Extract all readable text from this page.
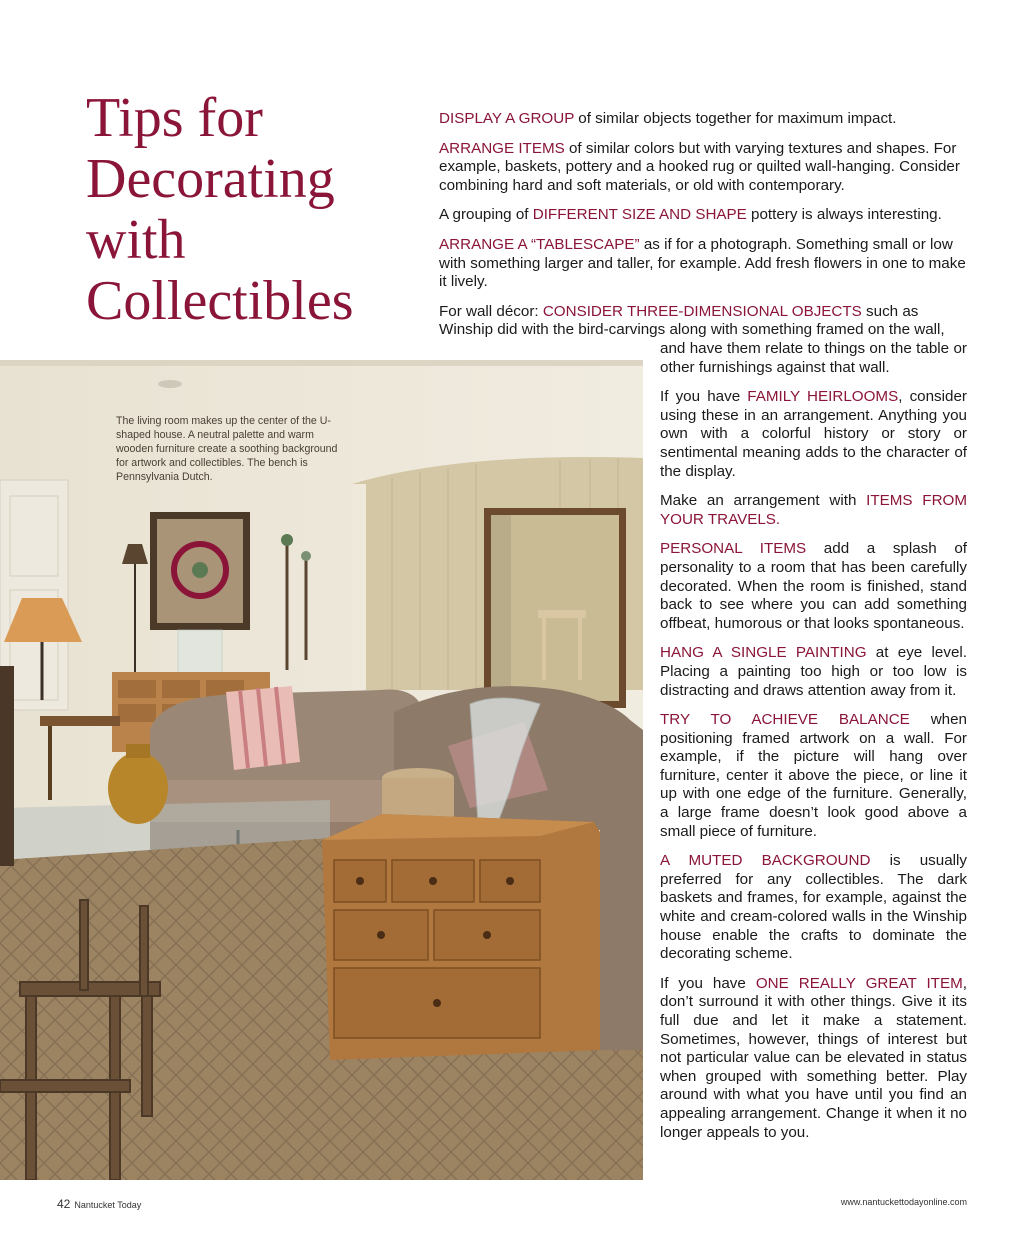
Tips for
Decorating
with
Collectibles

DISPLAY A GROUP of similar objects together for maximum impact.

ARRANGE ITEMS of similar colors but with varying textures and shapes. For example, baskets, pottery and a hooked rug or quilted wall-hanging. Consider combining hard and soft materials, or old with contemporary.

A grouping of DIFFERENT SIZE AND SHAPE pottery is always interesting.

ARRANGE A “TABLESCAPE” as if for a photograph. Something small or low with something larger and taller, for example. Add fresh flowers in one to make it lively.

For wall décor: CONSIDER THREE-DIMENSIONAL OBJECTS such as Winship did with the bird-carvings along with something framed on the wall,

The living room makes up the center of the U-shaped house. A neutral palette and warm wooden furniture create a soothing background for artwork and collectibles. The bench is Pennsylvania Dutch.

and have them relate to things on the table or other furnishings against that wall.

If you have FAMILY HEIRLOOMS, consider using these in an arrangement. Anything you own with a colorful history or story or sentimental meaning adds to the character of the display.

Make an arrangement with ITEMS FROM YOUR TRAVELS.

PERSONAL ITEMS add a splash of personality to a room that has been carefully decorated. When the room is finished, stand back to see where you can add something offbeat, humorous or that looks spontaneous.

HANG A SINGLE PAINTING at eye level. Placing a painting too high or too low is distracting and draws attention away from it.

TRY TO ACHIEVE BALANCE when positioning framed artwork on a wall. For example, if the picture will hang over furniture, center it above the piece, or line it up with one edge of the furniture. Generally, a large frame doesn’t look good above a small piece of furniture.

A MUTED BACKGROUND is usually preferred for any collectibles. The dark baskets and frames, for example, against the white and cream-colored walls in the Winship house enable the crafts to dominate the decorating scheme.

If you have ONE REALLY GREAT ITEM, don’t surround it with other things. Give it its full due and let it make a statement. Sometimes, however, things of interest but not particular value can be elevated in status when grouped with something better. Play around with what you have until you find an appealing arrangement. Change it when it no longer appeals to you.

42 Nantucket Today	www.nantuckettodayonline.com
